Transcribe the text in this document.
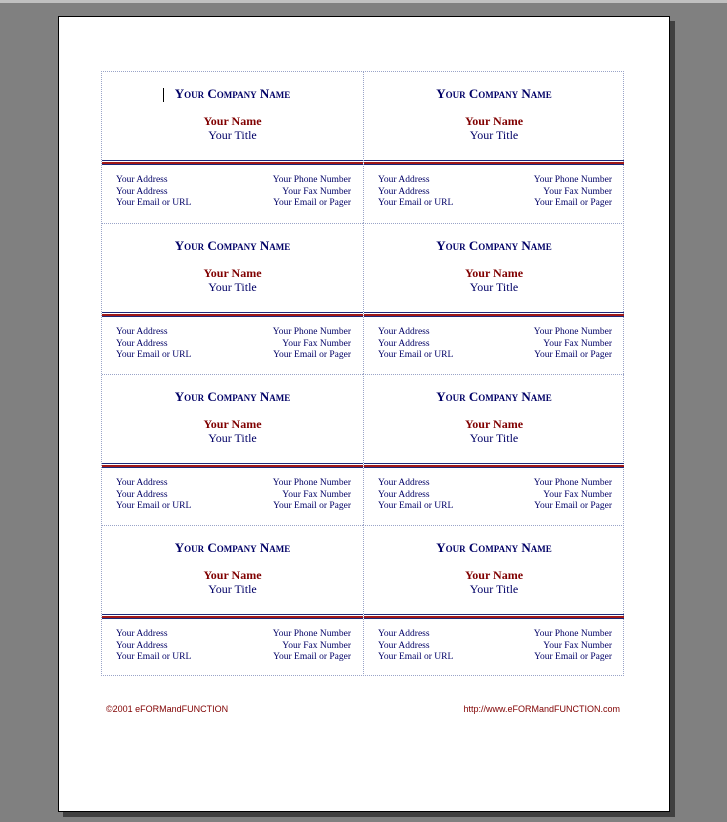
Your Company Name
Your Name
Your Title
Your Address
Your Address
Your Email or URL
Your Phone Number
Your Fax Number
Your Email or Pager
Your Company Name
Your Name
Your Title
Your Address
Your Address
Your Email or URL
Your Phone Number
Your Fax Number
Your Email or Pager
Your Company Name
Your Name
Your Title
Your Address
Your Address
Your Email or URL
Your Phone Number
Your Fax Number
Your Email or Pager
Your Company Name
Your Name
Your Title
Your Address
Your Address
Your Email or URL
Your Phone Number
Your Fax Number
Your Email or Pager
Your Company Name
Your Name
Your Title
Your Address
Your Address
Your Email or URL
Your Phone Number
Your Fax Number
Your Email or Pager
Your Company Name
Your Name
Your Title
Your Address
Your Address
Your Email or URL
Your Phone Number
Your Fax Number
Your Email or Pager
Your Company Name
Your Name
Your Title
Your Address
Your Address
Your Email or URL
Your Phone Number
Your Fax Number
Your Email or Pager
Your Company Name
Your Name
Your Title
Your Address
Your Address
Your Email or URL
Your Phone Number
Your Fax Number
Your Email or Pager
©2001 eFORMandFUNCTION	http://www.eFORMandFUNCTION.com
